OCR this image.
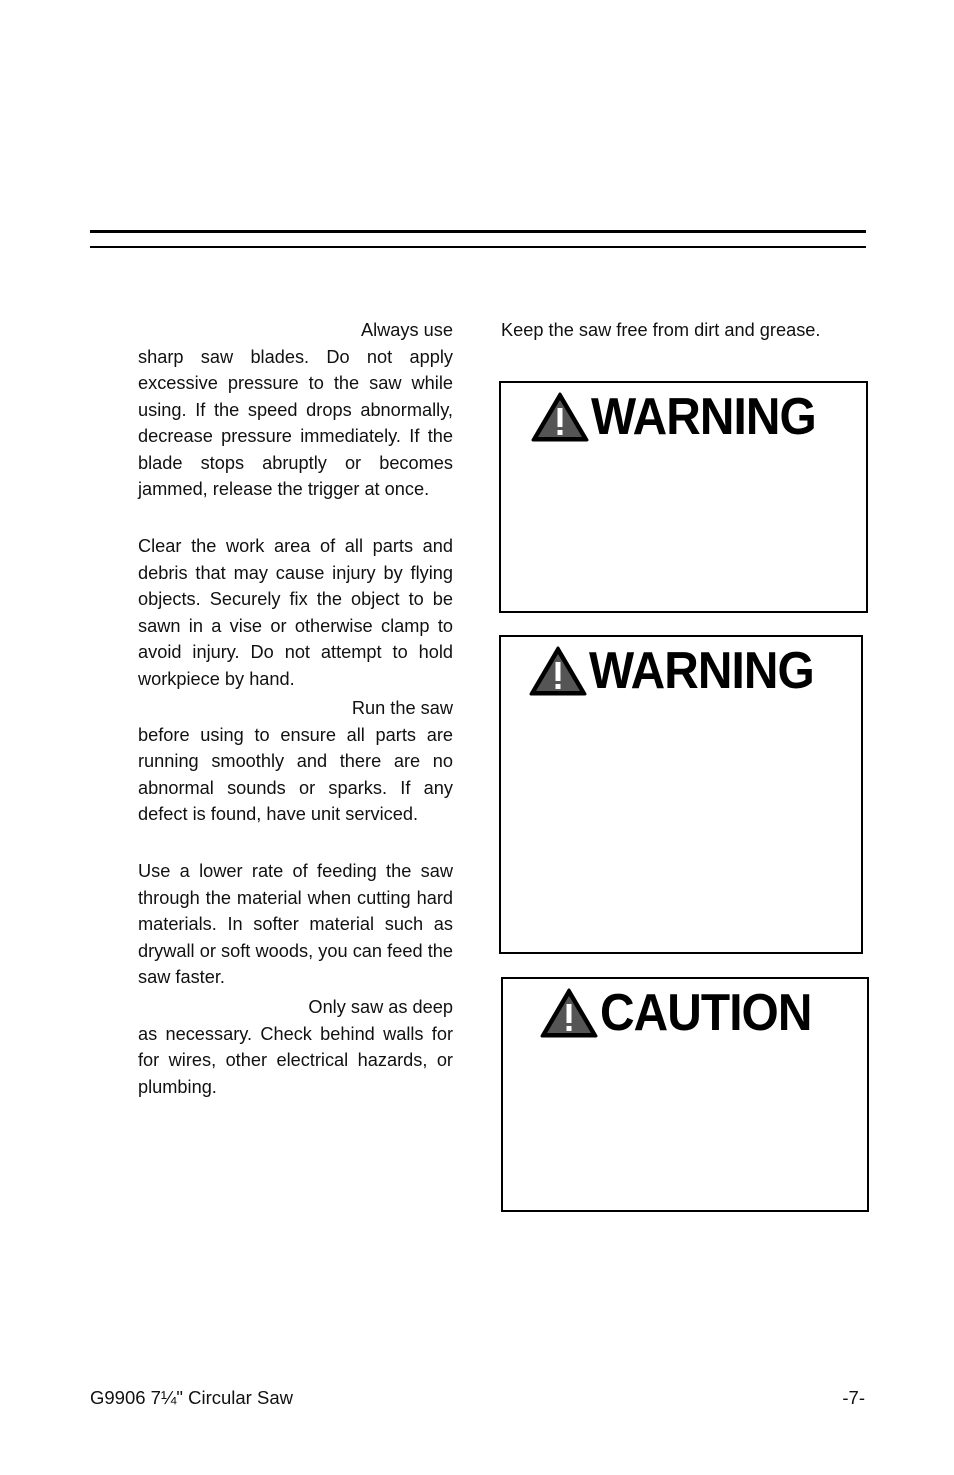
Always use

sharp saw blades. Do not apply excessive pressure to the saw while using. If the speed drops abnormally, decrease pressure immediately. If the blade stops abruptly or becomes jammed, release the trigger at once.

Clear the work area of all parts and debris that may cause injury by flying objects. Securely fix the object to be sawn in a vise or otherwise clamp to avoid injury. Do not attempt to hold workpiece by hand.

Run the saw

before using to ensure all parts are running smoothly and there are no abnormal sounds or sparks. If any defect is found, have unit serviced.

Use a lower rate of feeding the saw through the material when cutting hard materials. In softer material such as drywall or soft woods, you can feed the saw faster.

Only saw as deep

as necessary. Check behind walls for for wires, other electrical hazards, or plumbing.

Keep the saw free from dirt and grease.
WARNING
WARNING
CAUTION
G9906 7¼" Circular Saw	-7-
